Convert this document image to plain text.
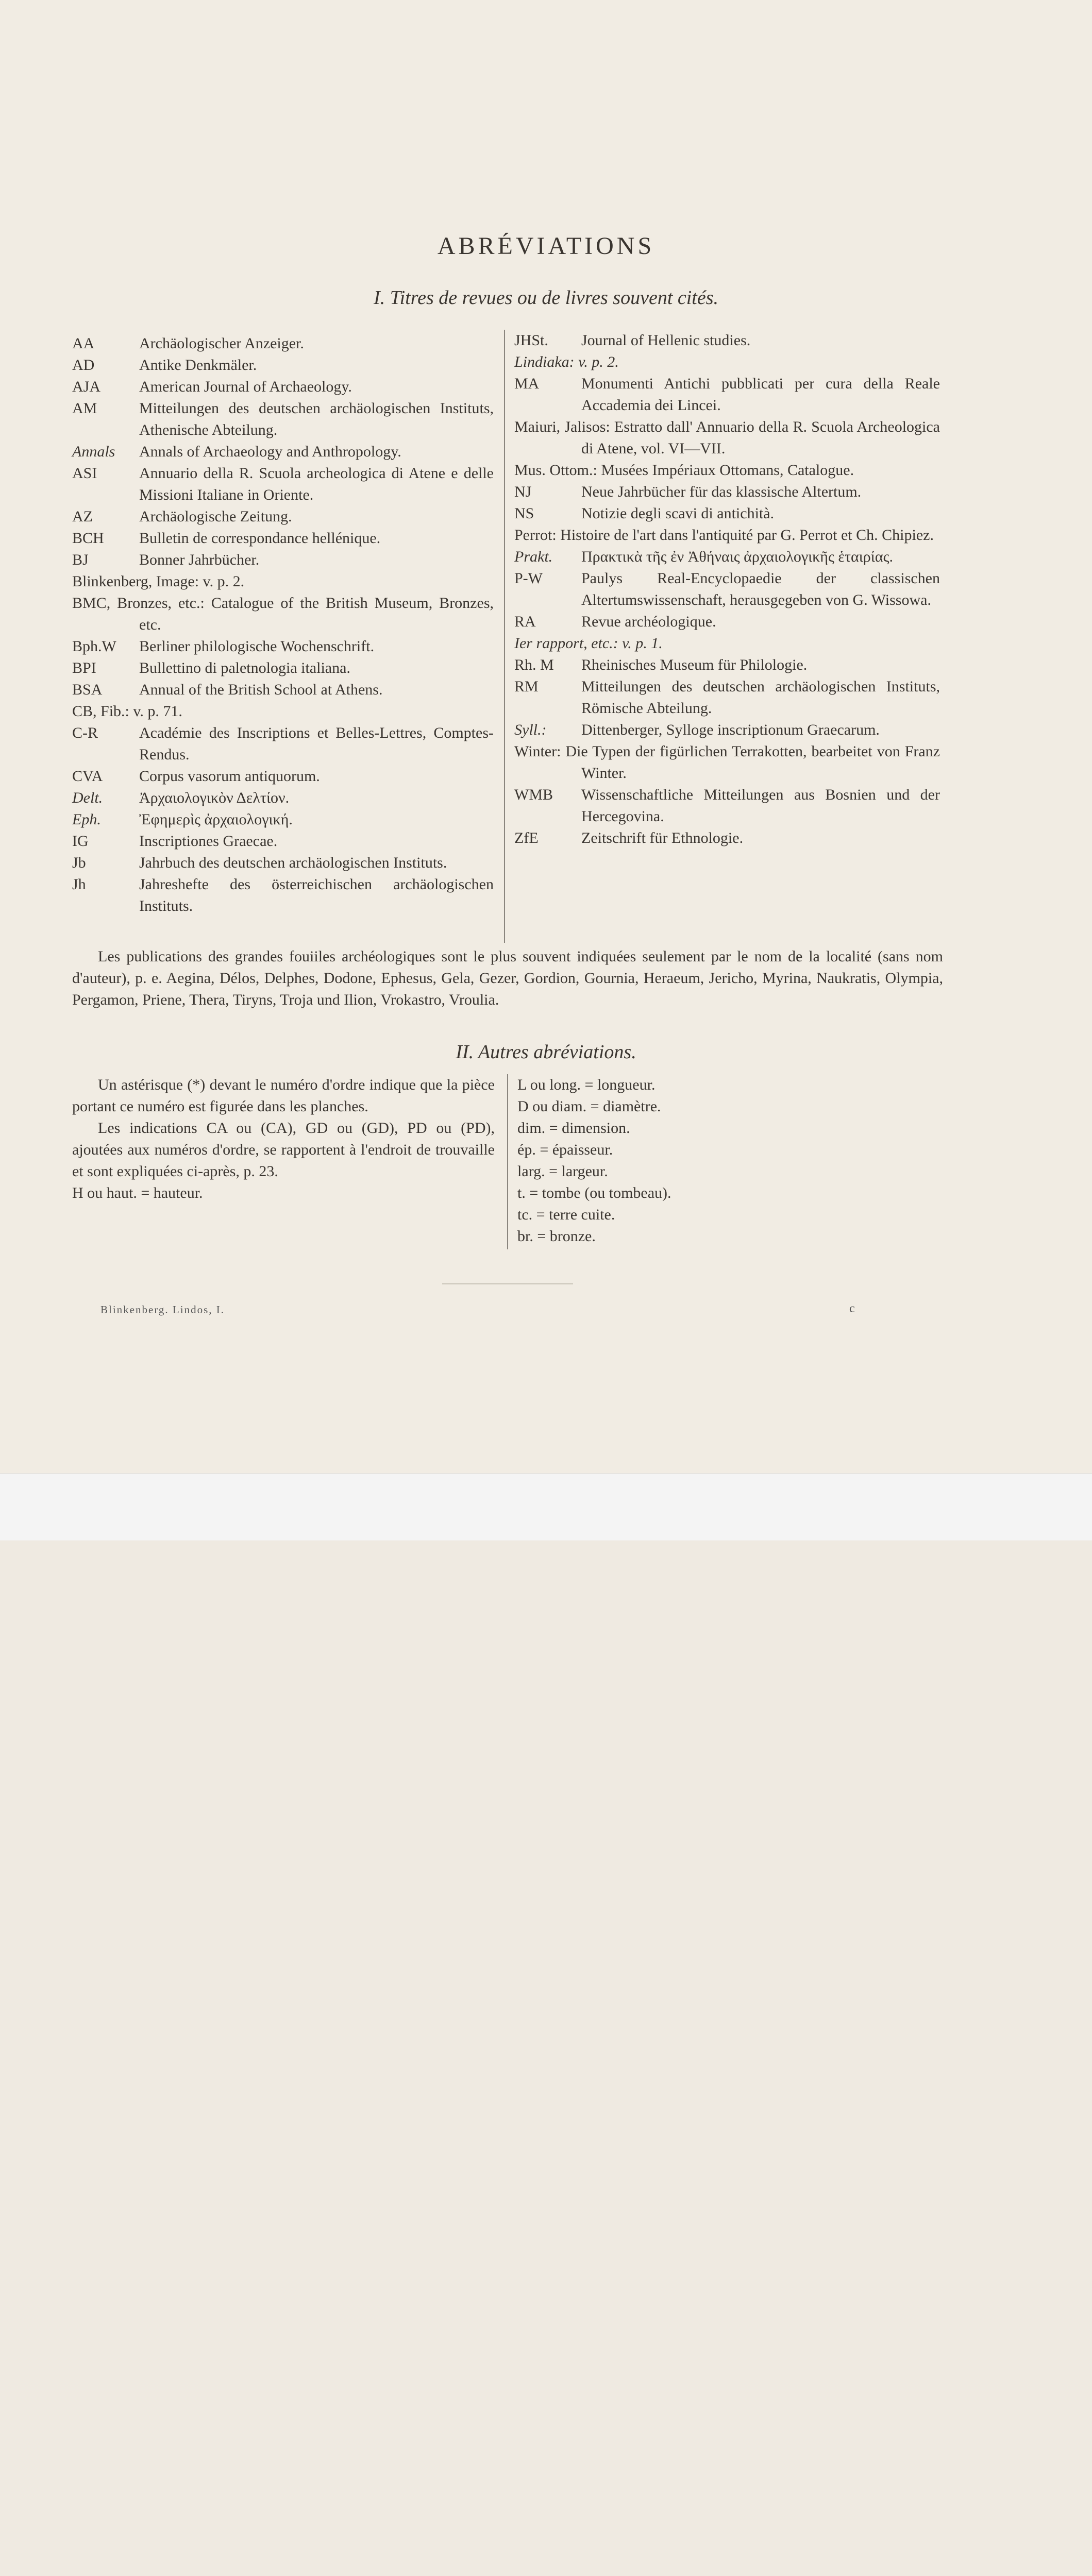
ABRÉVIATIONS
I. Titres de revues ou de livres souvent cités.
AA	Archäologischer Anzeiger.
AD	Antike Denkmäler.
AJA	American Journal of Archaeology.
AM	Mitteilungen des deutschen archäologischen Instituts, Athenische Abteilung.
Annals	Annals of Archaeology and Anthropology.
ASI	Annuario della R. Scuola archeologica di Atene e delle Missioni Italiane in Oriente.
AZ	Archäologische Zeitung.
BCH	Bulletin de correspondance hellénique.
BJ	Bonner Jahrbücher.
Blinkenberg, Image: v. p. 2.
BMC, Bronzes, etc.: Catalogue of the British Museum, Bronzes, etc.
Bph.W	Berliner philologische Wochenschrift.
BPI	Bullettino di paletnologia italiana.
BSA	Annual of the British School at Athens.
CB, Fib.: v. p. 71.
C-R	Académie des Inscriptions et Belles-Lettres, Comptes-Rendus.
CVA	Corpus vasorum antiquorum.
Delt.	Ἀρχαιολογικὸν Δελτίον.
Eph.	Ἐφημερὶς ἀρχαιολογική.
IG	Inscriptiones Graecae.
Jb	Jahrbuch des deutschen archäologischen Instituts.
Jh	Jahreshefte des österreichischen archäologischen Instituts.
JHSt.	Journal of Hellenic studies.
Lindiaka: v. p. 2.
MA	Monumenti Antichi pubblicati per cura della Reale Accademia dei Lincei.
Maiuri, Jalisos: Estratto dall' Annuario della R. Scuola Archeologica di Atene, vol. VI—VII.
Mus. Ottom.: Musées Impériaux Ottomans, Catalogue.
NJ	Neue Jahrbücher für das klassische Altertum.
NS	Notizie degli scavi di antichità.
Perrot: Histoire de l'art dans l'antiquité par G. Perrot et Ch. Chipiez.
Prakt.	Πρακτικὰ τῆς ἐν Ἀθήναις ἀρχαιολογικῆς ἑταιρίας.
P-W	Paulys Real-Encyclopaedie der classischen Altertumswissenschaft, herausgegeben von G. Wissowa.
RA	Revue archéologique.
Ier rapport, etc.: v. p. 1.
Rh. M	Rheinisches Museum für Philologie.
RM	Mitteilungen des deutschen archäologischen Instituts, Römische Abteilung.
Syll.:	Dittenberger, Sylloge inscriptionum Graecarum.
Winter: Die Typen der figürlichen Terrakotten, bearbeitet von Franz Winter.
WMB	Wissenschaftliche Mitteilungen aus Bosnien und der Hercegovina.
ZfE	Zeitschrift für Ethnologie.

Les publications des grandes fouiiles archéologiques sont le plus souvent indiquées seulement par le nom de la localité (sans nom d'auteur), p. e. Aegina, Délos, Delphes, Dodone, Ephesus, Gela, Gezer, Gordion, Gournia, Heraeum, Jericho, Myrina, Naukratis, Olympia, Pergamon, Priene, Thera, Tiryns, Troja und Ilion, Vrokastro, Vroulia.

II. Autres abréviations.

Un astérisque (*) devant le numéro d'ordre indique que la pièce portant ce numéro est figurée dans les planches.

Les indications CA ou (CA), GD ou (GD), PD ou (PD), ajoutées aux numéros d'ordre, se rapportent à l'endroit de trouvaille et sont expliquées ci-après, p. 23.

H ou haut. = hauteur.

L ou long. = longueur.
D ou diam. = diamètre.
dim. = dimension.
ép. = épaisseur.
larg. = largeur.
t. = tombe (ou tombeau).
tc. = terre cuite.
br. = bronze.
Blinkenberg. Lindos, I.	c
